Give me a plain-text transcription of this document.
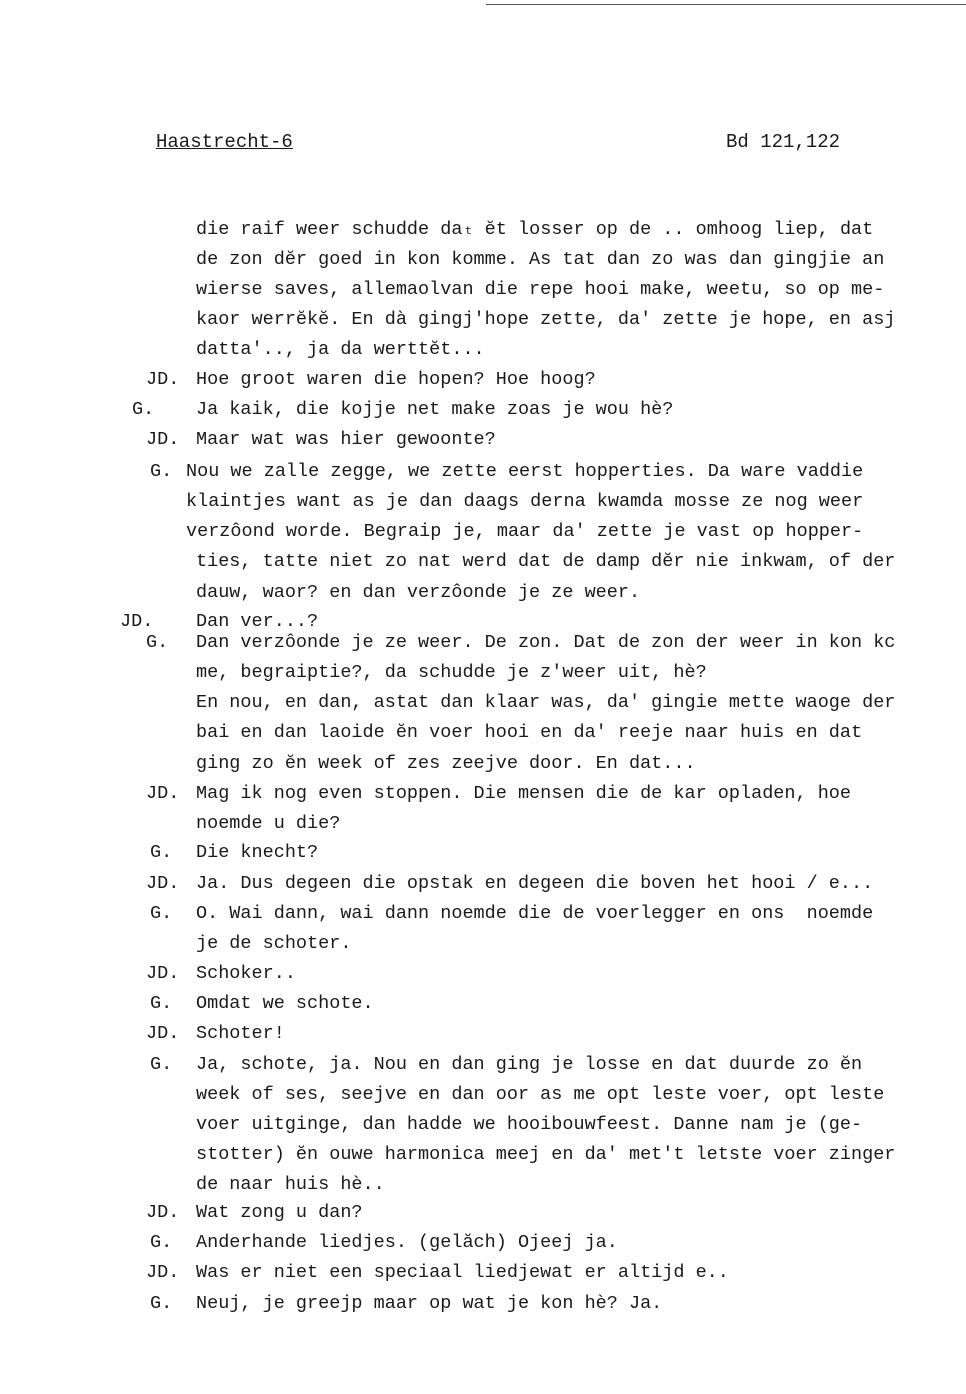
Haastrecht-6	Bd 121,122
die raif weer schudde daₜ ĕt losser op de .. omhoog liep, dat
de zon dĕr goed in kon komme. As tat dan zo was dan gingjie an
wierse saves, allemaolvan die repe hooi make, weetu, so op me-
kaor werrĕkĕ. En dà gingj'hope zette, da' zette je hope, en asj
datta'.., ja da werttĕt...
JD. Hoe groot waren die hopen? Hoe hoog?
G. Ja kaik, die kojje net make zoas je wou hè?
JD. Maar wat was hier gewoonte?
G. Nou we zalle zegge, we zette eerst hopperties. Da ware vaddie
klaintjes want as je dan daags derna kwamda mosse ze nog weer
verzôond worde. Begraip je, maar da' zette je vast op hopper-
ties, tatte niet zo nat werd dat de damp dĕr nie inkwam, of der
dauw, waor? en dan verzôonde je ze weer.
JD. Dan ver...?
G. Dan verzôonde je ze weer. De zon. Dat de zon der weer in kon kc
me, begraiptie?, da schudde je z'weer uit, hè?
En nou, en dan, astat dan klaar was, da' gingie mette waoge der
bai en dan laoide ĕn voer hooi en da' reeje naar huis en dat
ging zo ĕn week of zes zeejve door. En dat...
JD. Mag ik nog even stoppen. Die mensen die de kar opladen, hoe
noemde u die?
G. Die knecht?
JD. Ja. Dus degeen die opstak en degeen die boven het hooi / e...
G. O. Wai dann, wai dann noemde die de voerlegger en ons  noemde
je de schoter.
JD. Schoker..
G. Omdat we schote.
JD. Schoter!
G. Ja, schote, ja. Nou en dan ging je losse en dat duurde zo ĕn
week of ses, seejve en dan oor as me opt leste voer, opt leste
voer uitginge, dan hadde we hooibouwfeest. Danne nam je (ge-
stotter) ĕn ouwe harmonica meej en da' met't letste voer zinger
de naar huis hè..
JD. Wat zong u dan?
G. Anderhande liedjes. (gelăch) Ojeej ja.
JD. Was er niet een speciaal liedjewat er altijd e..
G. Neuj, je greejp maar op wat je kon hè? Ja.
